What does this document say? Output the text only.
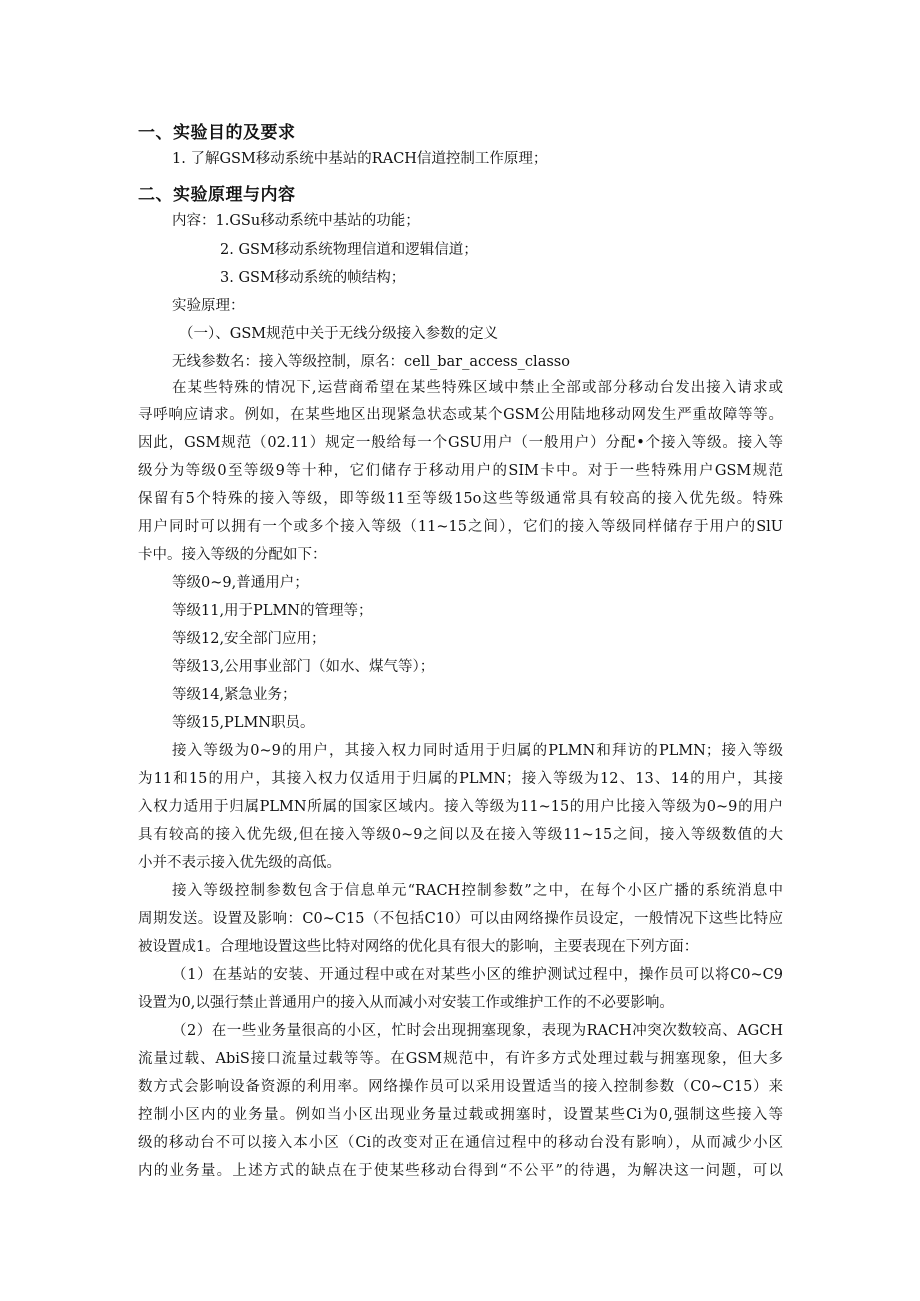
一、实验目的及要求
1. 了解GSM移动系统中基站的RACH信道控制工作原理；
二、实验原理与内容
内容：1.GSu移动系统中基站的功能；
2. GSM移动系统物理信道和逻辑信道；
3. GSM移动系统的帧结构；
实验原理：
（一）、GSM规范中关于无线分级接入参数的定义
无线参数名：接入等级控制，原名：cell_bar_access_classo
在某些特殊的情况下,运营商希望在某些特殊区域中禁止全部或部分移动台发出接入请求或
寻呼响应请求。例如，在某些地区出现紧急状态或某个GSM公用陆地移动网发生严重故障等等。
因此，GSM规范（02.11）规定一般给每一个GSU用户（一般用户）分配•个接入等级。接入等
级分为等级0至等级9等十种，它们储存于移动用户的SIM卡中。对于一些特殊用户GSM规范
保留有5个特殊的接入等级，即等级11至等级15o这些等级通常具有较高的接入优先级。特殊
用户同时可以拥有一个或多个接入等级（11~15之间），它们的接入等级同样储存于用户的SlU
卡中。接入等级的分配如下：
等级0~9,普通用户；
等级11,用于PLMN的管理等；
等级12,安全部门应用；
等级13,公用事业部门（如水、煤气等）；
等级14,紧急业务；
等级15,PLMN职员。
接入等级为0~9的用户，其接入权力同时适用于归属的PLMN和拜访的PLMN；接入等级
为11和15的用户，其接入权力仅适用于归属的PLMN；接入等级为12、13、14的用户，其接
入权力适用于归属PLMN所属的国家区域内。接入等级为11~15的用户比接入等级为0~9的用户
具有较高的接入优先级,但在接入等级0~9之间以及在接入等级11~15之间，接入等级数值的大
小并不表示接入优先级的高低。
接入等级控制参数包含于信息单元“RACH控制参数”之中，在每个小区广播的系统消息中
周期发送。设置及影响：C0~C15（不包括C10）可以由网络操作员设定，一般情况下这些比特应
被设置成1。合理地设置这些比特对网络的优化具有很大的影响，主要表现在下列方面：
（1）在基站的安装、开通过程中或在对某些小区的维护测试过程中，操作员可以将C0~C9
设置为0,以强行禁止普通用户的接入从而减小对安装工作或维护工作的不必要影响。
（2）在一些业务量很高的小区，忙时会出现拥塞现象，表现为RACH冲突次数较高、AGCH
流量过载、AbiS接口流量过载等等。在GSM规范中，有许多方式处理过载与拥塞现象，但大多
数方式会影响设备资源的利用率。网络操作员可以采用设置适当的接入控制参数（C0~C15）来
控制小区内的业务量。例如当小区出现业务量过载或拥塞时，设置某些Ci为0,强制这些接入等
级的移动台不可以接入本小区（Ci的改变对正在通信过程中的移动台没有影响），从而减少小区
内的业务量。上述方式的缺点在于使某些移动台得到“不公平”的待遇，为解决这一问题，可以
